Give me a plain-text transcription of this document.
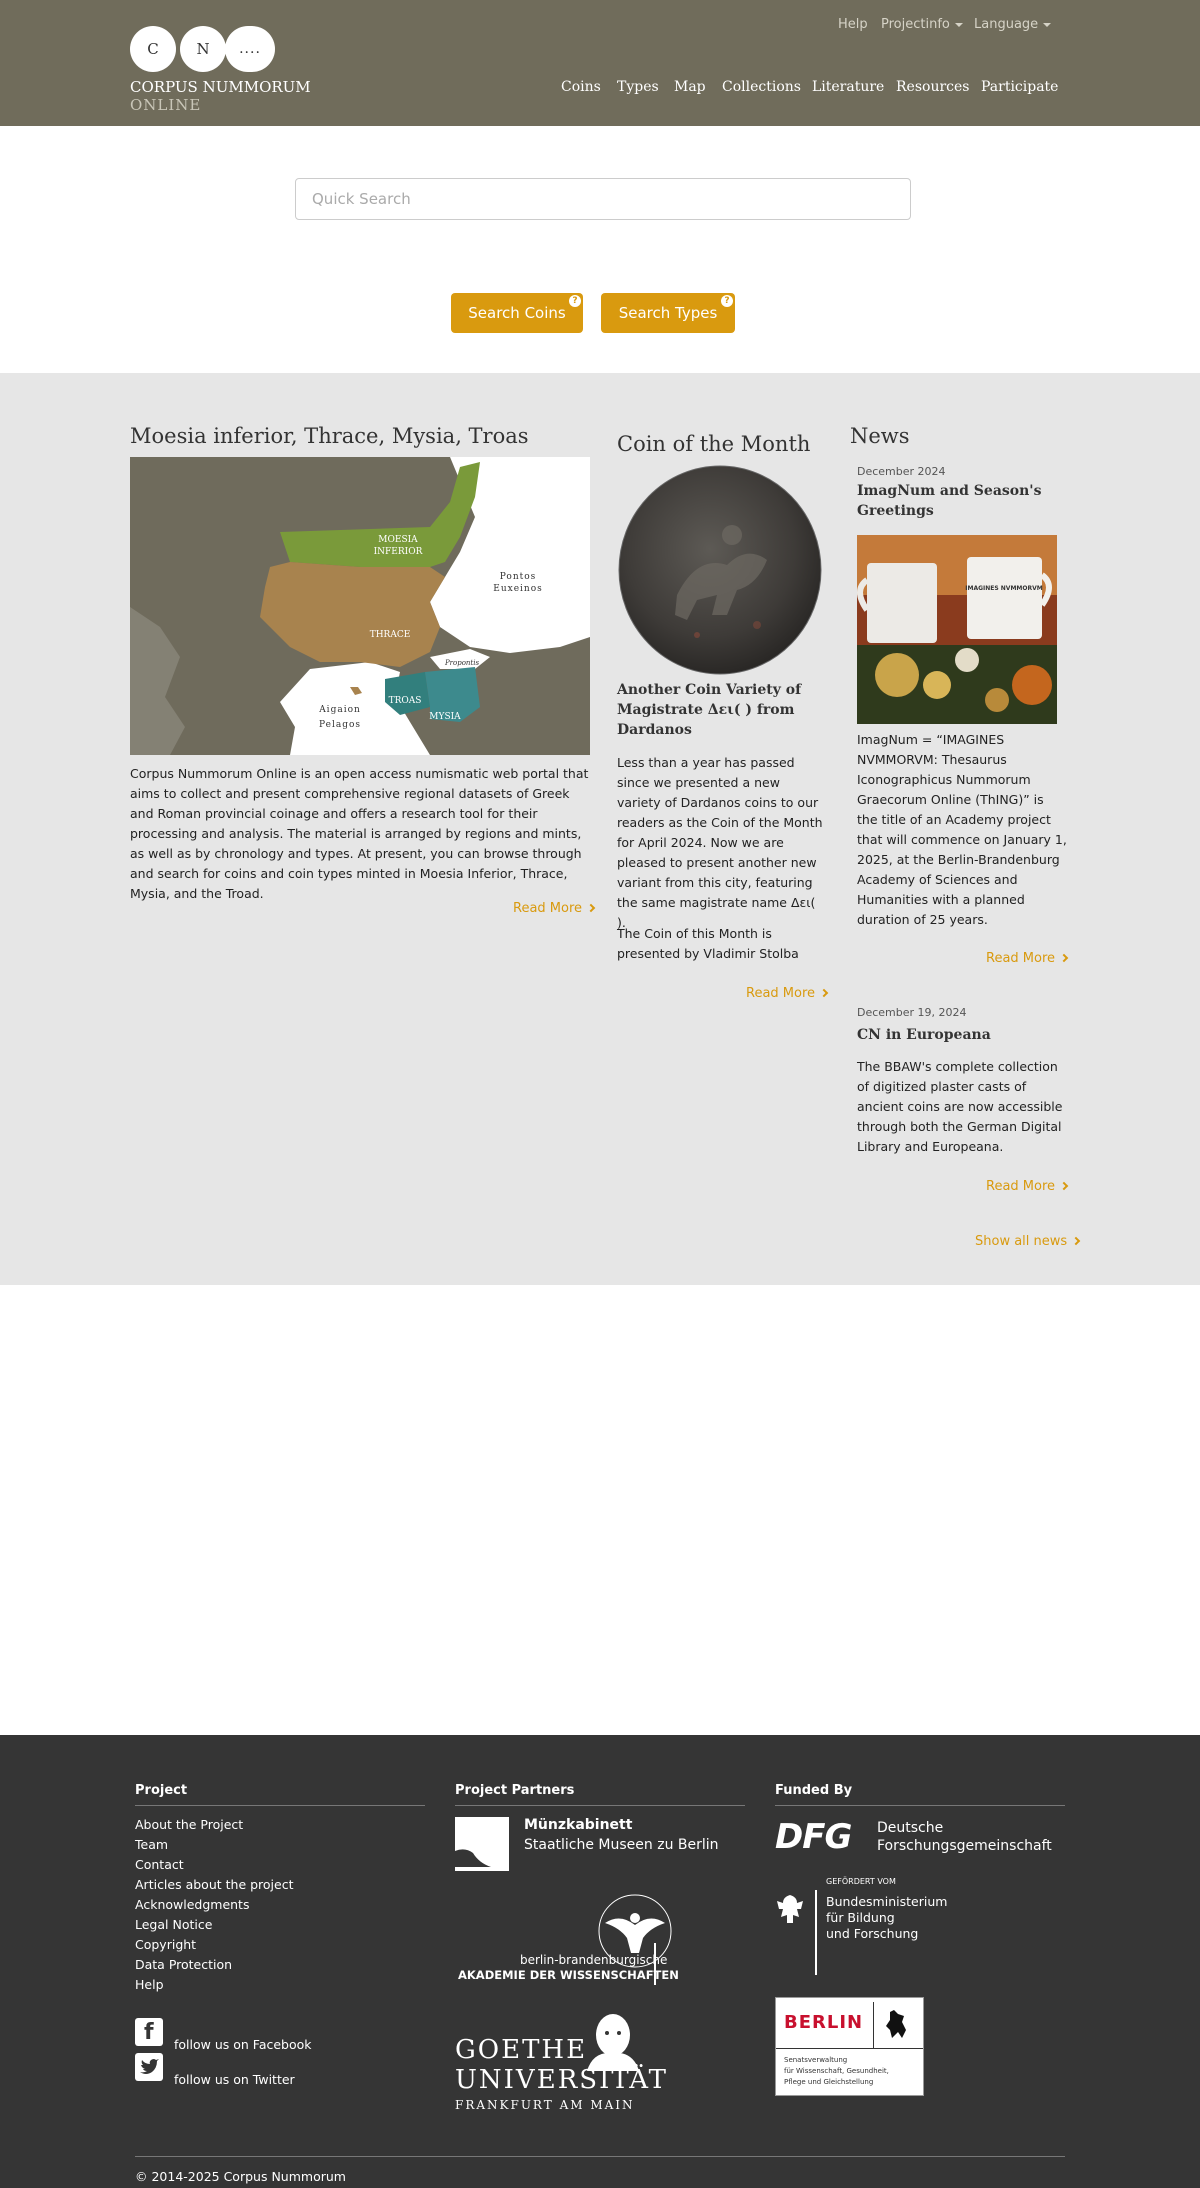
C	N	....
CORPUS NUMMORUM
ONLINE
Help Projectinfo	Language
Coins Types Map Collections Literature Resources Participate
Quick Search
Search Coins
?
Search Types
?
Moesia inferior, Thrace, Mysia, Troas
MOESIA
INFERIOR
THRACE
TROAS
MYSIA
Pontos
Euxeinos
Aigaion
Pelagos
Propontis
Corpus Nummorum Online is an open access numismatic web portal that aims to collect and present comprehensive regional datasets of Greek and Roman provincial coinage and offers a research tool for their processing and analysis. The material is arranged by regions and mints, as well as by chronology and types. At present, you can browse through and search for coins and coin types minted in Moesia Inferior, Thrace, Mysia, and the Troad.
Read More
Coin of the Month
Another Coin Variety of Magistrate Δει( ) from Dardanos
Less than a year has passed since we presented a new variety of Dardanos coins to our readers as the Coin of the Month for April 2024. Now we are pleased to present another new variant from this city, featuring the same magistrate name Δει( ).
The Coin of this Month is presented by Vladimir Stolba
Read More
News
December 2024
ImagNum and Season's Greetings
IMAGINES NVMMORVM
ImagNum = “IMAGINES NVMMORVM: Thesaurus Iconographicus Nummorum Graecorum Online (ThING)” is the title of an Academy project that will commence on January 1, 2025, at the Berlin-Brandenburg Academy of Sciences and Humanities with a planned duration of 25 years.
Read More
December 19, 2024
CN in Europeana
The BBAW's complete collection of digitized plaster casts of ancient coins are now accessible through both the German Digital Library and Europeana.
Read More
Show all news
Project
About the Project
Team
Contact
Articles about the project
Acknowledgments
Legal Notice
Copyright
Data Protection
Help
f follow us on Facebook
follow us on Twitter
Project Partners
Münzkabinett
Staatliche Museen zu Berlin
berlin-brandenburgische
AKADEMIE DER WISSENSCHAFTEN
GOETHE
UNIVERSITÄT
FRANKFURT AM MAIN
Funded By
DFG Deutsche
Forschungsgemeinschaft
GEFÖRDERT VOM
Bundesministerium
für Bildung
und Forschung
BERLIN
Senatsverwaltung
für Wissenschaft, Gesundheit,
Pflege und Gleichstellung
© 2014-2025 Corpus Nummorum
